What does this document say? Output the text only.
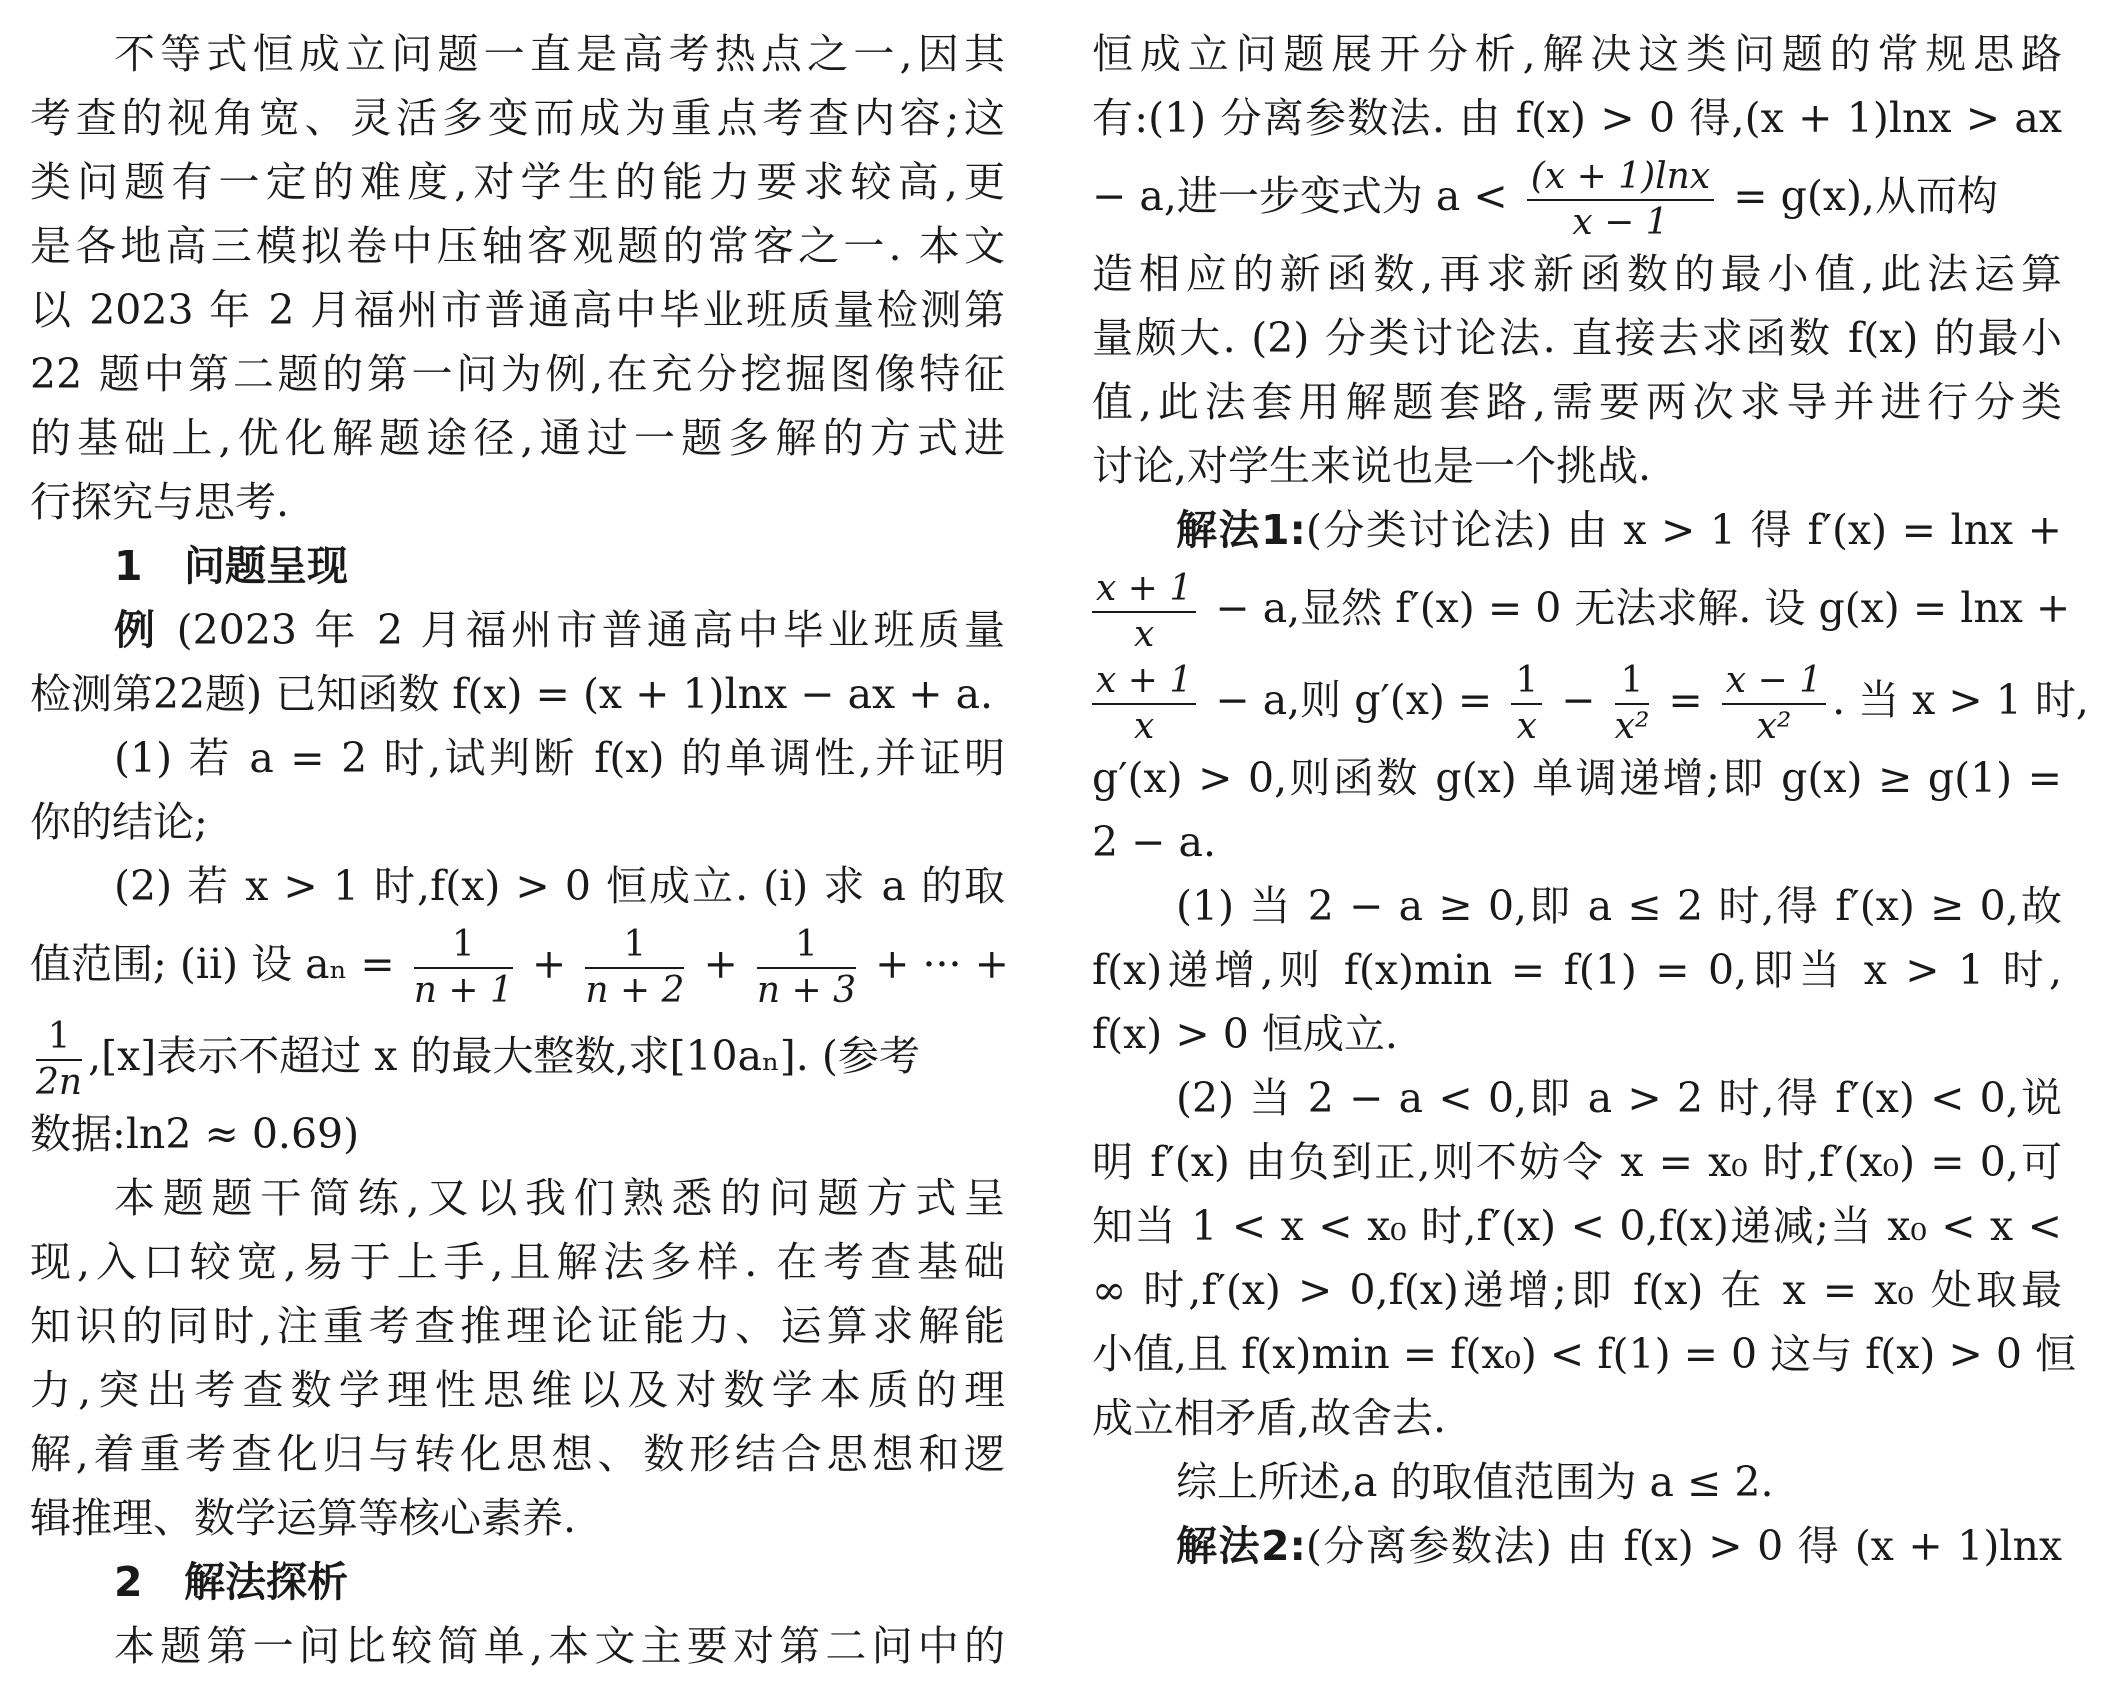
不等式恒成立问题一直是高考热点之一,因其
考查的视角宽、灵活多变而成为重点考查内容;这
类问题有一定的难度,对学生的能力要求较高,更
是各地高三模拟卷中压轴客观题的常客之一. 本文
以 2023 年 2 月福州市普通高中毕业班质量检测第
22 题中第二题的第一问为例,在充分挖掘图像特征
的基础上,优化解题途径,通过一题多解的方式进
行探究与思考.
1 问题呈现
例 (2023 年 2 月福州市普通高中毕业班质量
检测第22题) 已知函数 f(x) = (x + 1)lnx − ax + a.
(1) 若 a = 2 时,试判断 f(x) 的单调性,并证明
你的结论;
(2) 若 x > 1 时,f(x) > 0 恒成立. (i) 求 a 的取
值范围; (ii) 设 $a_n = \frac{1}{n + 1} + \frac{1}{n + 2} + \frac{1}{n + 3}$ + ··· +
$\frac{1}{2n} ,[x]$表示不超过 x 的最大整数,求[10aₙ]. (参考
数据:ln2 ≈ 0.69)
本题题干简练,又以我们熟悉的问题方式呈
现,入口较宽,易于上手,且解法多样. 在考查基础
知识的同时,注重考查推理论证能力、运算求解能
力,突出考查数学理性思维以及对数学本质的理
解,着重考查化归与转化思想、数形结合思想和逻
辑推理、数学运算等核心素养.
2 解法探析
本题第一问比较简单,本文主要对第二问中的
恒成立问题展开分析,解决这类问题的常规思路
有:(1) 分离参数法. 由 f(x) > 0 得,(x + 1)lnx > ax
− a,进一步变式为 $a < \frac{(x + 1)\ln x}{x - 1} = g(x)$,从而构
造相应的新函数,再求新函数的最小值,此法运算
量颇大. (2) 分类讨论法. 直接去求函数 f(x) 的最小
值,此法套用解题套路,需要两次求导并进行分类
讨论,对学生来说也是一个挑战.
解法1:(分类讨论法) 由 x > 1 得 f′(x) = lnx +
$\frac{x + 1}{x} - a$,显然 f′(x) = 0 无法求解. 设 g(x) = lnx +
$\frac{x + 1}{x} - a$,则 $g'(x) = \frac{1}{x} - \frac{1}{\text{x²}} = \frac{x - 1}{\text{x²}}$ . 当 x > 1 时,
g′(x) > 0,则函数 g(x) 单调递增;即 g(x) ≥ g(1) =
2 − a.
(1) 当 2 − a ≥ 0,即 a ≤ 2 时,得 f′(x) ≥ 0,故
f(x)递增,则 f(x)min = f(1) = 0,即当 x > 1 时,
f(x) > 0 恒成立.
(2) 当 2 − a < 0,即 a > 2 时,得 f′(x) < 0,说
明 f′(x) 由负到正,则不妨令 x = x₀ 时,f′(x₀) = 0,可
知当 1 < x < x₀ 时,f′(x) < 0,f(x)递减;当 x₀ < x <
∞ 时,f′(x) > 0,f(x)递增;即 f(x) 在 x = x₀ 处取最
小值,且 f(x)min = f(x₀) < f(1) = 0 这与 f(x) > 0 恒
成立相矛盾,故舍去.
综上所述,a 的取值范围为 a ≤ 2.
解法2:(分离参数法) 由 f(x) > 0 得 (x + 1)lnx
